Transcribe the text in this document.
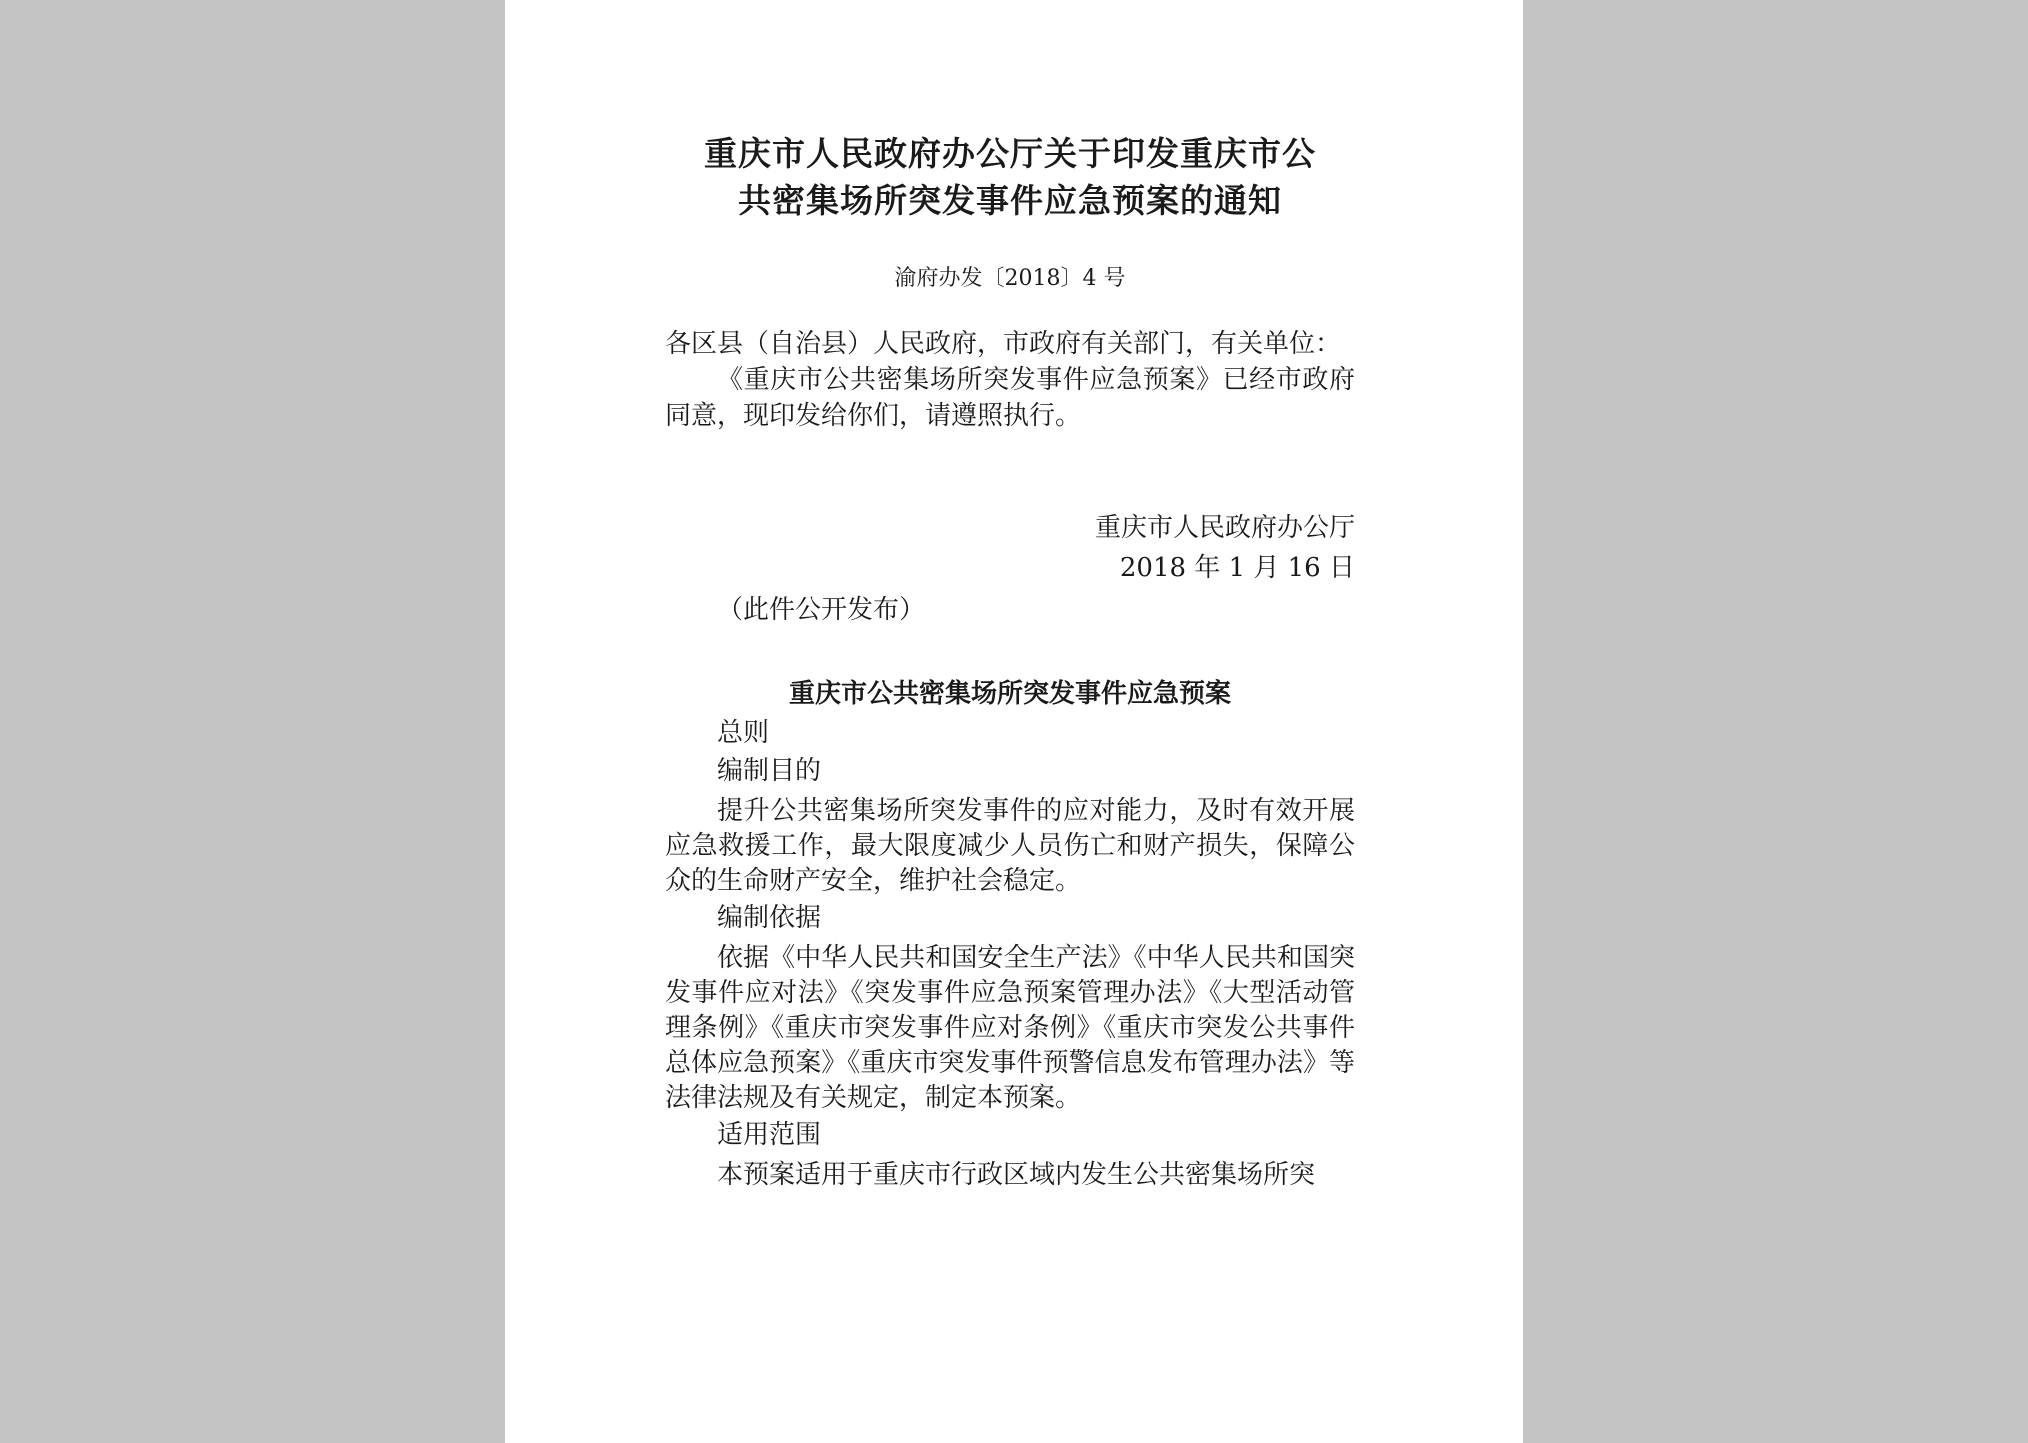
重庆市人民政府办公厅关于印发重庆市公
共密集场所突发事件应急预案的通知
渝府办发〔2018〕4 号

各区县（自治县）人民政府，市政府有关部门，有关单位：

《重庆市公共密集场所突发事件应急预案》已经市政府同意，现印发给你们，请遵照执行。

重庆市人民政府办公厅

2018 年 1 月 16 日

（此件公开发布）

重庆市公共密集场所突发事件应急预案

总则

编制目的

提升公共密集场所突发事件的应对能力，及时有效开展应急救援工作，最大限度减少人员伤亡和财产损失，保障公众的生命财产安全，维护社会稳定。

编制依据

依据《中华人民共和国安全生产法》《中华人民共和国突发事件应对法》《突发事件应急预案管理办法》《大型活动管理条例》《重庆市突发事件应对条例》《重庆市突发公共事件总体应急预案》《重庆市突发事件预警信息发布管理办法》等法律法规及有关规定，制定本预案。

适用范围

本预案适用于重庆市行政区域内发生公共密集场所突
